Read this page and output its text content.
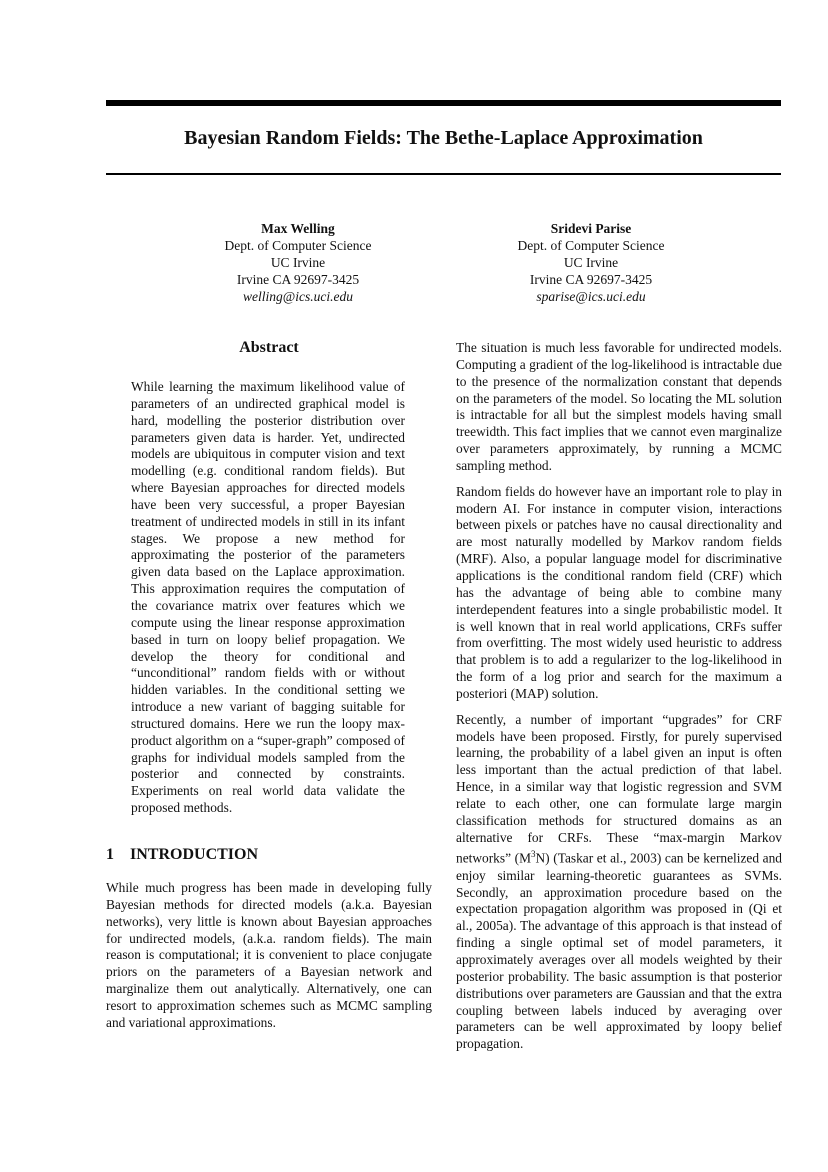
Bayesian Random Fields: The Bethe-Laplace Approximation
Max Welling
Dept. of Computer Science
UC Irvine
Irvine CA 92697-3425
welling@ics.uci.edu
Sridevi Parise
Dept. of Computer Science
UC Irvine
Irvine CA 92697-3425
sparise@ics.uci.edu
Abstract
While learning the maximum likelihood value of parameters of an undirected graphical model is hard, modelling the posterior distribution over parameters given data is harder. Yet, undirected models are ubiquitous in computer vision and text modelling (e.g. conditional random fields). But where Bayesian approaches for directed models have been very successful, a proper Bayesian treatment of undirected models in still in its infant stages. We propose a new method for approximating the posterior of the parameters given data based on the Laplace approximation. This approximation requires the computation of the covariance matrix over features which we compute using the linear response approximation based in turn on loopy belief propagation. We develop the theory for conditional and “unconditional” random fields with or without hidden variables. In the conditional setting we introduce a new variant of bagging suitable for structured domains. Here we run the loopy max-product algorithm on a “super-graph” composed of graphs for individual models sampled from the posterior and connected by constraints. Experiments on real world data validate the proposed methods.
1 INTRODUCTION
While much progress has been made in developing fully Bayesian methods for directed models (a.k.a. Bayesian networks), very little is known about Bayesian approaches for undirected models, (a.k.a. random fields). The main reason is computational; it is convenient to place conjugate priors on the parameters of a Bayesian network and marginalize them out analytically. Alternatively, one can resort to approximation schemes such as MCMC sampling and variational approximations.

The situation is much less favorable for undirected models. Computing a gradient of the log-likelihood is intractable due to the presence of the normalization constant that depends on the parameters of the model. So locating the ML solution is intractable for all but the simplest models having small treewidth. This fact implies that we cannot even marginalize over parameters approximately, by running a MCMC sampling method.

Random fields do however have an important role to play in modern AI. For instance in computer vision, interactions between pixels or patches have no causal directionality and are most naturally modelled by Markov random fields (MRF). Also, a popular language model for discriminative applications is the conditional random field (CRF) which has the advantage of being able to combine many interdependent features into a single probabilistic model. It is well known that in real world applications, CRFs suffer from overfitting. The most widely used heuristic to address that problem is to add a regularizer to the log-likelihood in the form of a log prior and search for the maximum a posteriori (MAP) solution.

Recently, a number of important “upgrades” for CRF models have been proposed. Firstly, for purely supervised learning, the probability of a label given an input is often less important than the actual prediction of that label. Hence, in a similar way that logistic regression and SVM relate to each other, one can formulate large margin classification methods for structured domains as an alternative for CRFs. These “max-margin Markov networks” $(M^3N)$ (Taskar et al., 2003) can be kernelized and enjoy similar learning-theoretic guarantees as SVMs. Secondly, an approximation procedure based on the expectation propagation algorithm was proposed in (Qi et al., 2005a). The advantage of this approach is that instead of finding a single optimal set of model parameters, it approximately averages over all models weighted by their posterior probability. The basic assumption is that posterior distributions over parameters are Gaussian and that the extra coupling between labels induced by averaging over parameters can be well approximated by loopy belief propagation.
